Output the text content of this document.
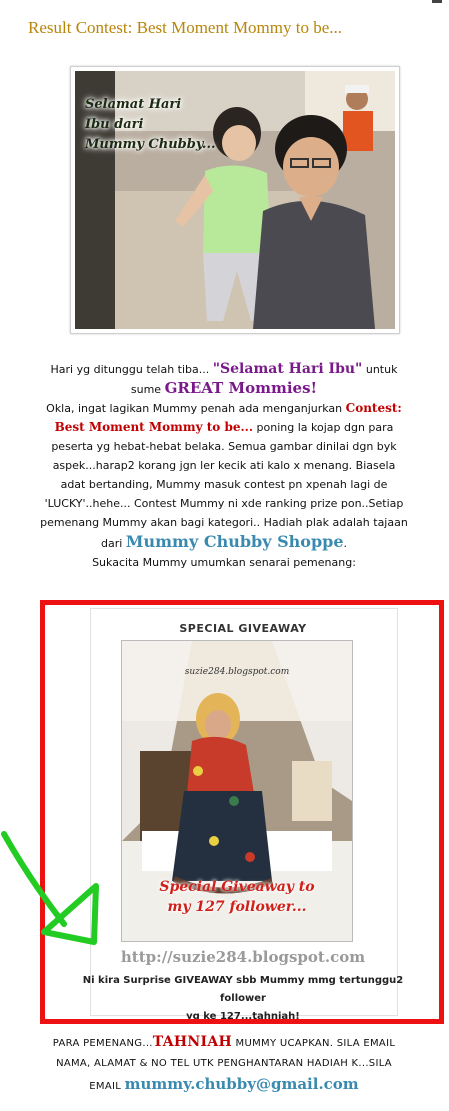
Result Contest: Best Moment Mommy to be...
Selamat Hari
Ibu dari
Mummy Chubby...
Hari yg ditunggu telah tiba... "Selamat Hari Ibu" untuk
sume GREAT Mommies!
Okla, ingat lagikan Mummy penah ada menganjurkan Contest:
Best Moment Mommy to be... poning la kojap dgn para
peserta yg hebat-hebat belaka. Semua gambar dinilai dgn byk
aspek...harap2 korang jgn ler kecik ati kalo x menang. Biasela
adat bertanding, Mummy masuk contest pn xpenah lagi de
'LUCKY'..hehe... Contest Mummy ni xde ranking prize pon..Setiap
pemenang Mummy akan bagi kategori.. Hadiah plak adalah tajaan
dari Mummy Chubby Shoppe.
Sukacita Mummy umumkan senarai pemenang:
SPECIAL GIVEAWAY
suzie284.blogspot.com
Special Giveaway to
my 127 follower...
http://suzie284.blogspot.com
Ni kira Surprise GIVEAWAY sbb Mummy mmg tertunggu2 follower
yg ke 127...tahniah!
PARA PEMENANG...TAHNIAH MUMMY UCAPKAN. SILA EMAIL
NAMA, ALAMAT & NO TEL UTK PENGHANTARAN HADIAH K...SILA
EMAIL mummy.chubby@gmail.com
